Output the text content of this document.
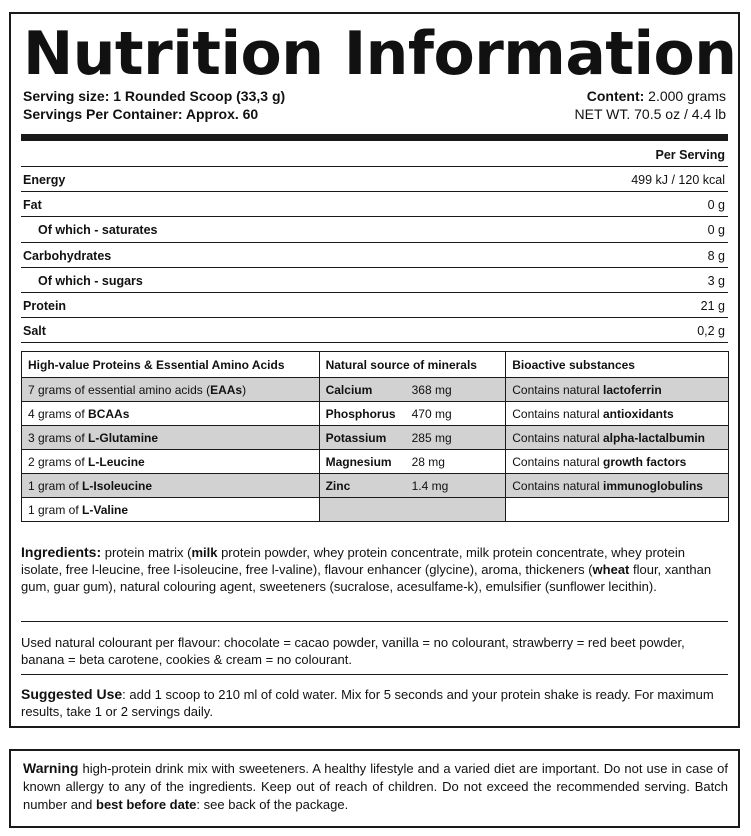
Nutrition Information
Serving size: 1 Rounded Scoop (33,3 g)
Servings Per Container: Approx. 60
Content: 2.000 grams
NET WT. 70.5 oz / 4.4 lb
Per Serving
Energy	499 kJ / 120 kcal
Fat	0 g
Of which - saturates	0 g
Carbohydrates	8 g
Of which - sugars	3 g
Protein	21 g
Salt	0,2 g
High-value Proteins & Essential Amino Acids	Natural source of minerals	Bioactive substances
7 grams of essential amino acids (EAAs)	Calcium 368 mg	Contains natural lactoferrin
4 grams of BCAAs	Phosphorus 470 mg	Contains natural antioxidants
3 grams of L-Glutamine	Potassium 285 mg	Contains natural alpha-lactalbumin
2 grams of L-Leucine	Magnesium 28 mg	Contains natural growth factors
1 gram of L-Isoleucine	Zinc 1.4 mg	Contains natural immunoglobulins
1 gram of L-Valine		
Ingredients: protein matrix (milk protein powder, whey protein concentrate, milk protein concentrate, whey protein isolate, free l-leucine, free l-isoleucine, free l-valine), flavour enhancer (glycine), aroma, thickeners (wheat flour, xanthan gum, guar gum), natural colouring agent, sweeteners (sucralose, acesulfame-k), emulsifier (sunflower lecithin).
Used natural colourant per flavour: chocolate = cacao powder, vanilla = no colourant, strawberry = red beet powder, banana = beta carotene, cookies & cream = no colourant.
Suggested Use: add 1 scoop to 210 ml of cold water. Mix for 5 seconds and your protein shake is ready. For maximum results, take 1 or 2 servings daily.
Warning high-protein drink mix with sweeteners. A healthy lifestyle and a varied diet are important. Do not use in case of known allergy to any of the ingredients. Keep out of reach of children. Do not exceed the recommended serving. Batch number and best before date: see back of the package.
